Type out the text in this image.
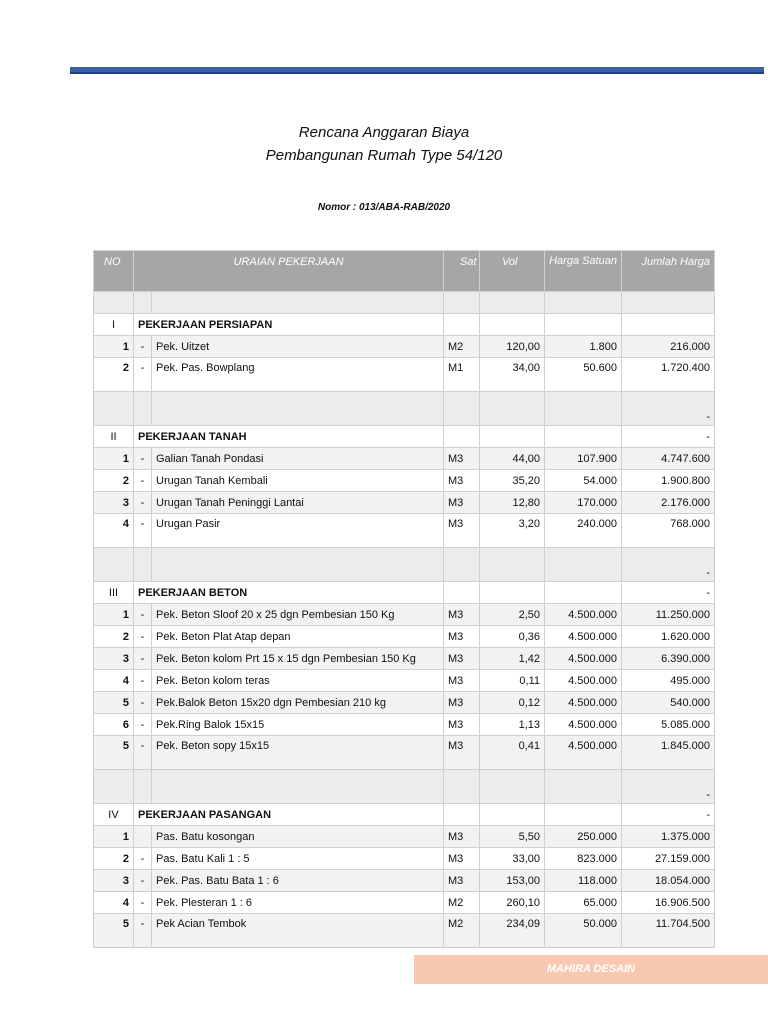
Rencana Anggaran Biaya
Pembangunan Rumah Type 54/120
Nomor : 013/ABA-RAB/2020
NO	URAIAN PEKERJAAN		Sat	Vol	Harga Satuan	Jumlah Harga

I	PEKERJAAN PERSIAPAN					
1	-	Pek. Uitzet	M2	120,00	1.800	216.000
2	-	Pek. Pas. Bowplang	M1	34,00	50.600	1.720.400
						-
II	PEKERJAAN TANAH					-
1	-	Galian Tanah Pondasi	M3	44,00	107.900	4.747.600
2	-	Urugan Tanah Kembali	M3	35,20	54.000	1.900.800
3	-	Urugan Tanah Peninggi Lantai	M3	12,80	170.000	2.176.000
4	-	Urugan Pasir	M3	3,20	240.000	768.000
						-
III	PEKERJAAN BETON					-
1	-	Pek. Beton Sloof 20 x 25 dgn Pembesian 150 Kg	M3	2,50	4.500.000	11.250.000
2	-	Pek. Beton Plat Atap depan	M3	0,36	4.500.000	1.620.000
3	-	Pek. Beton kolom Prt 15 x 15 dgn Pembesian 150 Kg	M3	1,42	4.500.000	6.390.000
4	-	Pek. Beton kolom teras	M3	0,11	4.500.000	495.000
5	-	Pek.Balok Beton 15x20 dgn Pembesian 210 kg	M3	0,12	4.500.000	540.000
6	-	Pek.Ring Balok 15x15	M3	1,13	4.500.000	5.085.000
5	-	Pek. Beton sopy 15x15	M3	0,41	4.500.000	1.845.000
						-
IV	PEKERJAAN PASANGAN					-
1		Pas. Batu kosongan	M3	5,50	250.000	1.375.000
2	-	Pas. Batu Kali 1 : 5	M3	33,00	823.000	27.159.000
3	-	Pek. Pas. Batu Bata 1 : 6	M3	153,00	118.000	18.054.000
4	-	Pek. Plesteran 1 : 6	M2	260,10	65.000	16.906.500
5	-	Pek Acian Tembok	M2	234,09	50.000	11.704.500
MAHIRA DESAIN
